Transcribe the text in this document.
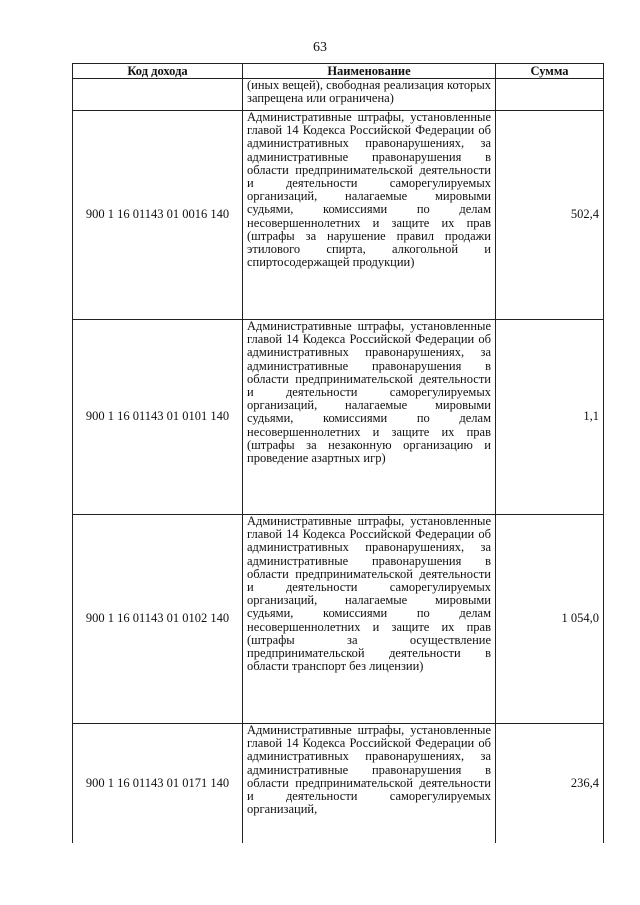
63
Код дохода	Наименование	Сумма
	(иных вещей), свободная реализация которых запрещена или ограничена)	
900 1 16 01143 01 0016 140	Административные штрафы, установленные главой 14 Кодекса Российской Федерации об административных правонарушениях, за административные правонарушения в области предпринимательской деятельности и деятельности саморегулируемых организаций, налагаемые мировыми судьями, комиссиями по делам несовершеннолетних и защите их прав (штрафы за нарушение правил продажи этилового спирта, алкогольной и спиртосодержащей продукции)	502,4
900 1 16 01143 01 0101 140	Административные штрафы, установленные главой 14 Кодекса Российской Федерации об административных правонарушениях, за административные правонарушения в области предпринимательской деятельности и деятельности саморегулируемых организаций, налагаемые мировыми судьями, комиссиями по делам несовершеннолетних и защите их прав (штрафы за незаконную организацию и проведение азартных игр)	1,1
900 1 16 01143 01 0102 140	Административные штрафы, установленные главой 14 Кодекса Российской Федерации об административных правонарушениях, за административные правонарушения в области предпринимательской деятельности и деятельности саморегулируемых организаций, налагаемые мировыми судьями, комиссиями по делам несовершеннолетних и защите их прав (штрафы за осуществление предпринимательской деятельности в области транспорт без лицензии)	1 054,0
900 1 16 01143 01 0171 140	Административные штрафы, установленные главой 14 Кодекса Российской Федерации об административных правонарушениях, за административные правонарушения в области предпринимательской деятельности и деятельности саморегулируемых организаций,	236,4
